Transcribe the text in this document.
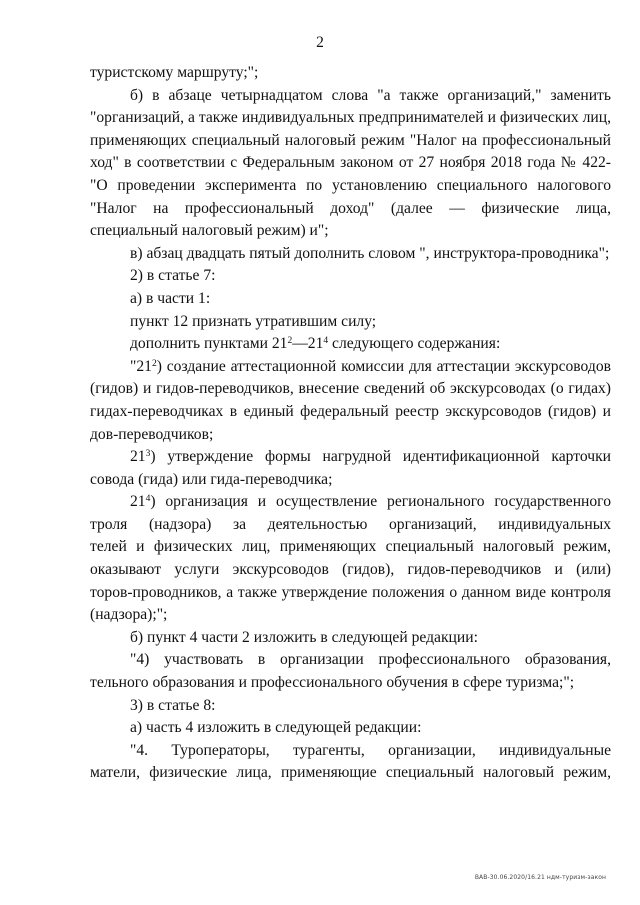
2
туристскому маршруту;";
б) в абзаце четырнадцатом слова "а также организаций," заменить
"организаций, а также индивидуальных предпринимателей и физических лиц,
применяющих специальный налоговый режим "Налог на профессиональный
ход" в соответствии с Федеральным законом от 27 ноября 2018 года № 422-
"О проведении эксперимента по установлению специального налогового
"Налог на профессиональный доход" (далее — физические лица,
специальный налоговый режим) и";
в) абзац двадцать пятый дополнить словом ", инструктора-проводника";
2) в статье 7:
а) в части 1:
пункт 12 признать утратившим силу;
дополнить пунктами $21^2—21^4$ следующего содержания:
"$21^2$) создание аттестационной комиссии для аттестации экскурсоводов
(гидов) и гидов-переводчиков, внесение сведений об экскурсоводах (о гидах)
гидах-переводчиках в единый федеральный реестр экскурсоводов (гидов) и
дов-переводчиков;
$21^3$) утверждение формы нагрудной идентификационной карточки
совода (гида) или гида-переводчика;
$21^4$) организация и осуществление регионального государственного
троля (надзора) за деятельностью организаций, индивидуальных
телей и физических лиц, применяющих специальный налоговый режим,
оказывают услуги экскурсоводов (гидов), гидов-переводчиков и (или)
торов-проводников, а также утверждение положения о данном виде контроля
(надзора);";
б) пункт 4 части 2 изложить в следующей редакции:
"4) участвовать в организации профессионального образования,
тельного образования и профессионального обучения в сфере туризма;";
3) в статье 8:
а) часть 4 изложить в следующей редакции:
"4. Туроператоры, турагенты, организации, индивидуальные
матели, физические лица, применяющие специальный налоговый режим,
ВАВ-30.06.2020/16.21 ндм-туризм-закон
